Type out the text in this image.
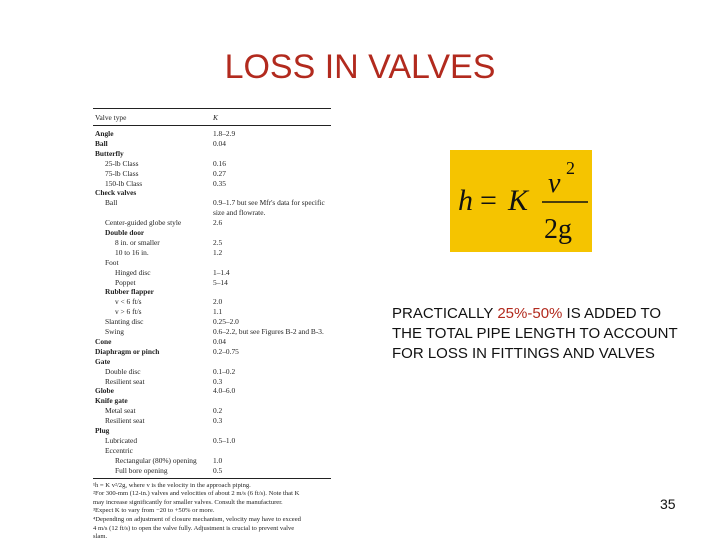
LOSS IN VALVES
Valve type	K
Angle	1.8–2.9
Ball	0.04
Butterfly
25-lb Class	0.16
75-lb Class	0.27
150-lb Class	0.35
Check valves
Ball	0.9–1.7 but see Mfr's data for specific
size and flowrate.
Center-guided globe style	2.6
Double door
8 in. or smaller	2.5
10 to 16 in.	1.2
Foot
Hinged disc	1–1.4
Poppet	5–14
Rubber flapper
v < 6 ft/s	2.0
v > 6 ft/s	1.1
Slanting disc	0.25–2.0
Swing	0.6–2.2, but see Figures B-2 and B-3.
Cone	0.04
Diaphragm or pinch	0.2–0.75
Gate
Double disc	0.1–0.2
Resilient seat	0.3
Globe	4.0–6.0
Knife gate
Metal seat	0.2
Resilient seat	0.3
Plug
Lubricated	0.5–1.0
Eccentric
Rectangular (80%) opening 1.0
Full bore opening	0.5
¹h = K v²/2g, where v is the velocity in the approach piping.
²For 300-mm (12-in.) valves and velocities of about 2 m/s (6 ft/s). Note that K
may increase significantly for smaller valves. Consult the manufacturer.
³Expect K to vary from −20 to +50% or more.
⁴Depending on adjustment of closure mechanism, velocity may have to exceed
4 m/s (12 ft/s) to open the valve fully. Adjustment is crucial to prevent valve
slam.
h = K
v 2
2g
PRACTICALLY 25%-50% IS ADDED TO THE TOTAL PIPE LENGTH TO ACCOUNT FOR LOSS IN FITTINGS AND VALVES
35
